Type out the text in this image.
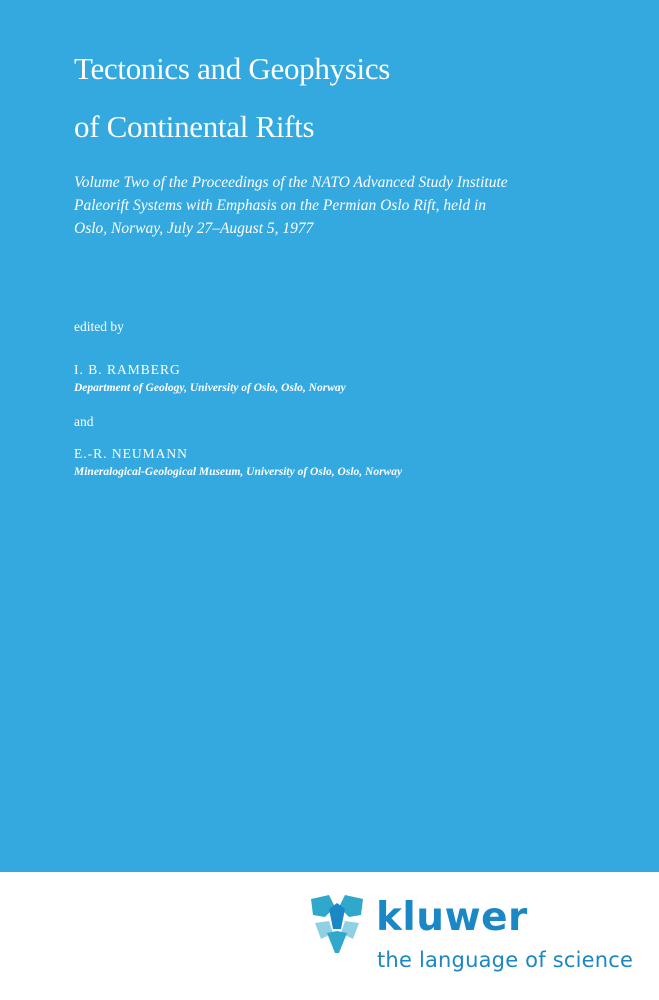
Tectonics and Geophysics
of Continental Rifts
Volume Two of the Proceedings of the NATO Advanced Study Institute
Paleorift Systems with Emphasis on the Permian Oslo Rift, held in
Oslo, Norway, July 27–August 5, 1977
edited by
I. B. RAMBERG
Department of Geology, University of Oslo, Oslo, Norway
and
E.-R. NEUMANN
Mineralogical-Geological Museum, University of Oslo, Oslo, Norway
kluwer
the language of science
